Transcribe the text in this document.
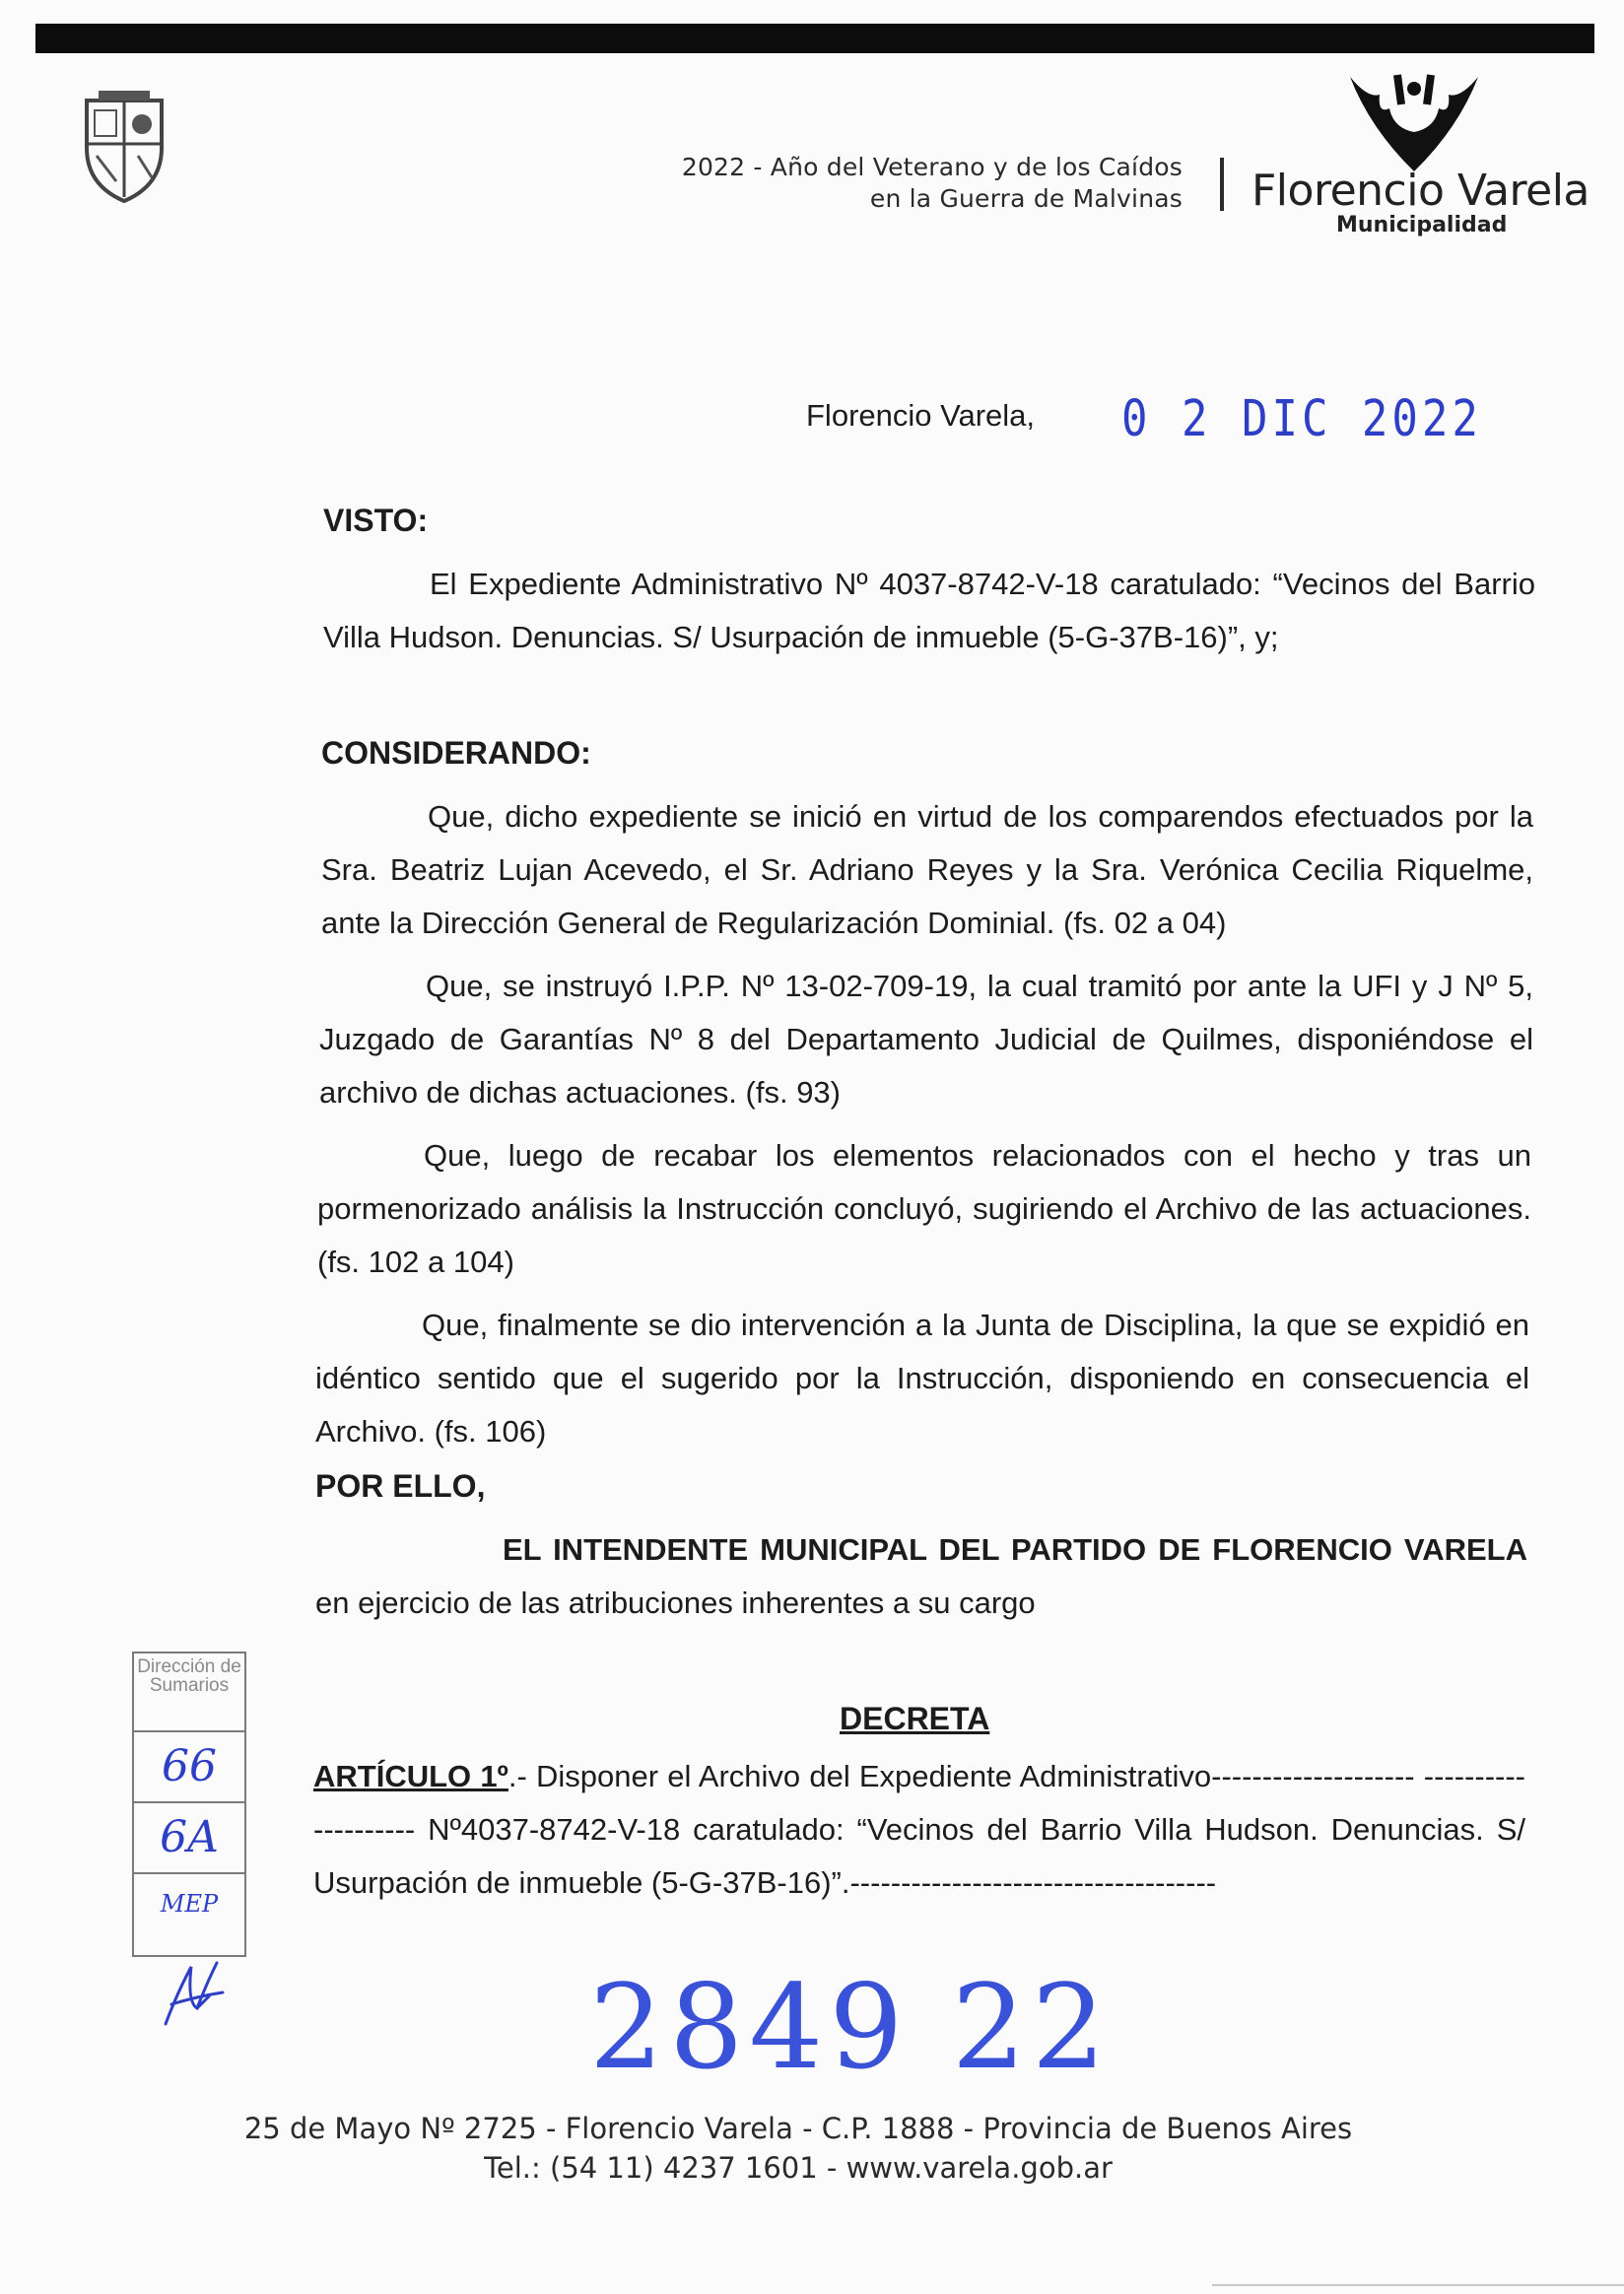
2022 - Año del Veterano y de los Caídos
en la Guerra de Malvinas Florencio Varela
Municipalidad
Florencio Varela, 0 2 DIC 2022
VISTO:
El Expediente Administrativo Nº 4037-8742-V-18 caratulado: “Vecinos del Barrio Villa Hudson. Denuncias. S/ Usurpación de inmueble (5-G-37B-16)”, y;
CONSIDERANDO:
Que, dicho expediente se inició en virtud de los comparendos efectuados por la Sra. Beatriz Lujan Acevedo, el Sr. Adriano Reyes y la Sra. Verónica Cecilia Riquelme, ante la Dirección General de Regularización Dominial. (fs. 02 a 04)
Que, se instruyó I.P.P. Nº 13-02-709-19, la cual tramitó por ante la UFI y J Nº 5, Juzgado de Garantías Nº 8 del Departamento Judicial de Quilmes, disponiéndose el archivo de dichas actuaciones. (fs. 93)
Que, luego de recabar los elementos relacionados con el hecho y tras un pormenorizado análisis la Instrucción concluyó, sugiriendo el Archivo de las actuaciones. (fs. 102 a 104)
Que, finalmente se dio intervención a la Junta de Disciplina, la que se expidió en idéntico sentido que el sugerido por la Instrucción, disponiendo en consecuencia el Archivo. (fs. 106)
POR ELLO,
EL INTENDENTE MUNICIPAL DEL PARTIDO DE FLORENCIO VARELA en ejercicio de las atribuciones inherentes a su cargo
DECRETA
ARTÍCULO 1º.- Disponer el Archivo del Expediente Administrativo-------------------- -------------------- Nº4037-8742-V-18 caratulado: “Vecinos del Barrio Villa Hudson. Denuncias. S/ Usurpación de inmueble (5-G-37B-16)”.------------------------------------
Dirección de Sumarios
66
6A
MEP
2849 22
25 de Mayo Nº 2725 - Florencio Varela - C.P. 1888 - Provincia de Buenos Aires
Tel.: (54 11) 4237 1601 - www.varela.gob.ar
